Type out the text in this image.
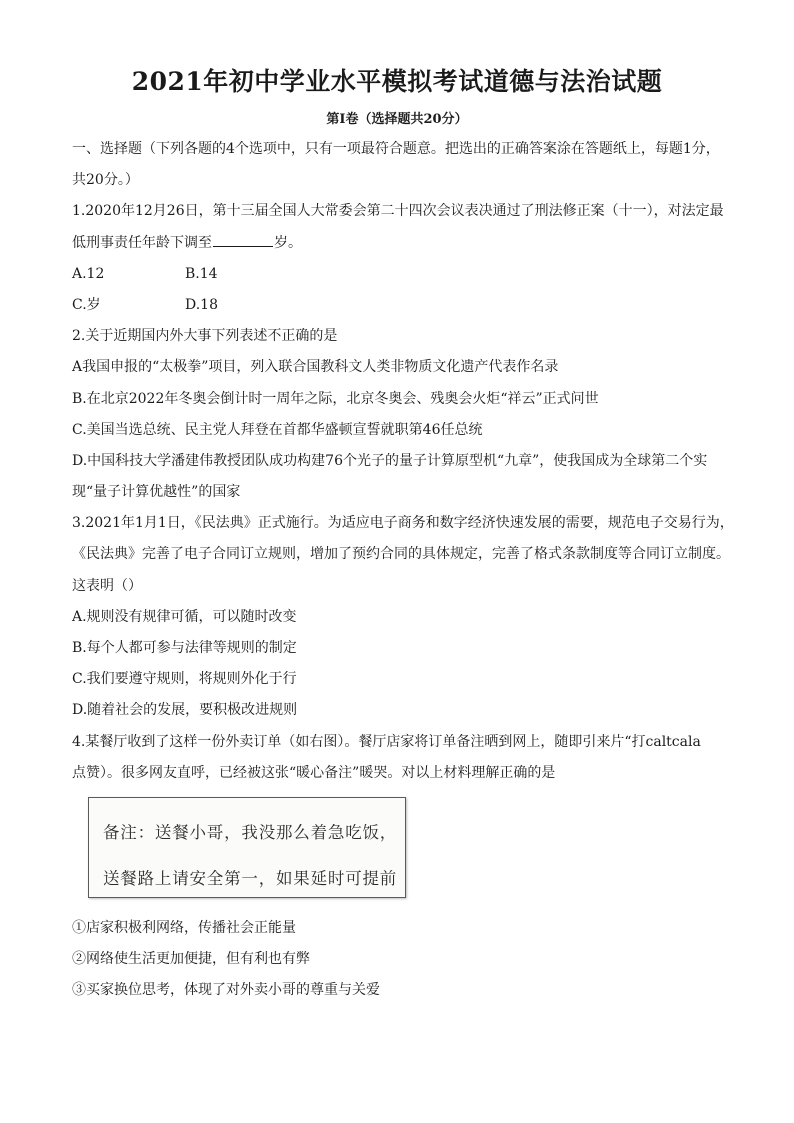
2021年初中学业水平模拟考试道德与法治试题
第Ⅰ卷（选择题共20分）
一、选择题（下列各题的4个选项中，只有一项最符合题意。把选出的正确答案涂在答题纸上，每题1分，
共20分。）
1.2020年12月26日，第十三届全国人大常委会第二十四次会议表决通过了刑法修正案（十一），对法定最
低刑事责任年龄下调至	岁。
A.12	B.14
C.岁	D.18
2.关于近期国内外大事下列表述不正确的是
A我国申报的“太极拳”项目，列入联合国教科文人类非物质文化遗产代表作名录
B.在北京2022年冬奥会倒计时一周年之际，北京冬奥会、残奥会火炬“祥云”正式问世
C.美国当选总统、民主党人拜登在首都华盛顿宣誓就职第46任总统
D.中国科技大学潘建伟教授团队成功构建76个光子的量子计算原型机“九章”，使我国成为全球第二个实
现“量子计算优越性”的国家
3.2021年1月1日，《民法典》正式施行。为适应电子商务和数字经济快速发展的需要，规范电子交易行为，
《民法典》完善了电子合同订立规则，增加了预约合同的具体规定，完善了格式条款制度等合同订立制度。
这表明（）
A.规则没有规律可循，可以随时改变
B.每个人都可参与法律等规则的制定
C.我们要遵守规则，将规则外化于行
D.随着社会的发展，要积极改进规则
4.某餐厅收到了这样一份外卖订单（如右图）。餐厅店家将订单备注晒到网上，随即引来片“打caltcala
点赞）。很多网友直呼，已经被这张“暖心备注”暖哭。对以上材料理解正确的是
备注：送餐小哥，我没那么着急吃饭，
送餐路上请安全第一，如果延时可提前
①店家积极利网络，传播社会正能量
②网络使生活更加便捷，但有利也有弊
③买家换位思考，体现了对外卖小哥的尊重与关爱
